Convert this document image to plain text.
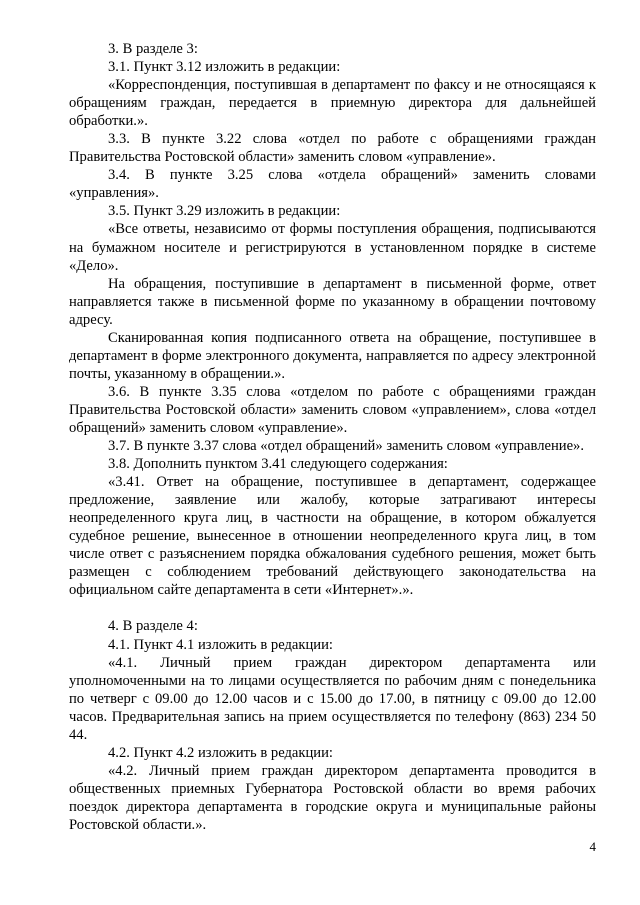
3. В разделе 3:

3.1. Пункт 3.12 изложить в редакции:

«Корреспонденция, поступившая в департамент по факсу и не относящаяся к обращениям граждан, передается в приемную директора для дальнейшей обработки.».

3.3. В пункте 3.22 слова «отдел по работе с обращениями граждан Правительства Ростовской области» заменить словом «управление».

3.4. В пункте 3.25 слова «отдела обращений» заменить словами «управления».

3.5. Пункт 3.29 изложить в редакции:

«Все ответы, независимо от формы поступления обращения, подписываются на бумажном носителе и регистрируются в установленном порядке в системе «Дело».

На обращения, поступившие в департамент в письменной форме, ответ направляется также в письменной форме по указанному в обращении почтовому адресу.

Сканированная копия подписанного ответа на обращение, поступившее в департамент в форме электронного документа, направляется по адресу электронной почты, указанному в обращении.».

3.6. В пункте 3.35 слова «отделом по работе с обращениями граждан Правительства Ростовской области» заменить словом «управлением», слова «отдел обращений» заменить словом «управление».

3.7. В пункте 3.37 слова «отдел обращений» заменить словом «управление».

3.8. Дополнить пунктом 3.41 следующего содержания:

«3.41. Ответ на обращение, поступившее в департамент, содержащее предложение, заявление или жалобу, которые затрагивают интересы неопределенного круга лиц, в частности на обращение, в котором обжалуется судебное решение, вынесенное в отношении неопределенного круга лиц, в том числе ответ с разъяснением порядка обжалования судебного решения, может быть размещен с соблюдением требований действующего законодательства на официальном сайте департамента в сети «Интернет».».

4. В разделе 4:

4.1. Пункт 4.1 изложить в редакции:

«4.1. Личный прием граждан директором департамента или уполномоченными на то лицами осуществляется по рабочим дням с понедельника по четверг с 09.00 до 12.00 часов и с 15.00 до 17.00, в пятницу с 09.00 до 12.00 часов. Предварительная запись на прием осуществляется по телефону (863) 234 50 44.

4.2. Пункт 4.2 изложить в редакции:

«4.2. Личный прием граждан директором департамента проводится в общественных приемных Губернатора Ростовской области во время рабочих поездок директора департамента в городские округа и муниципальные районы Ростовской области.».

4
